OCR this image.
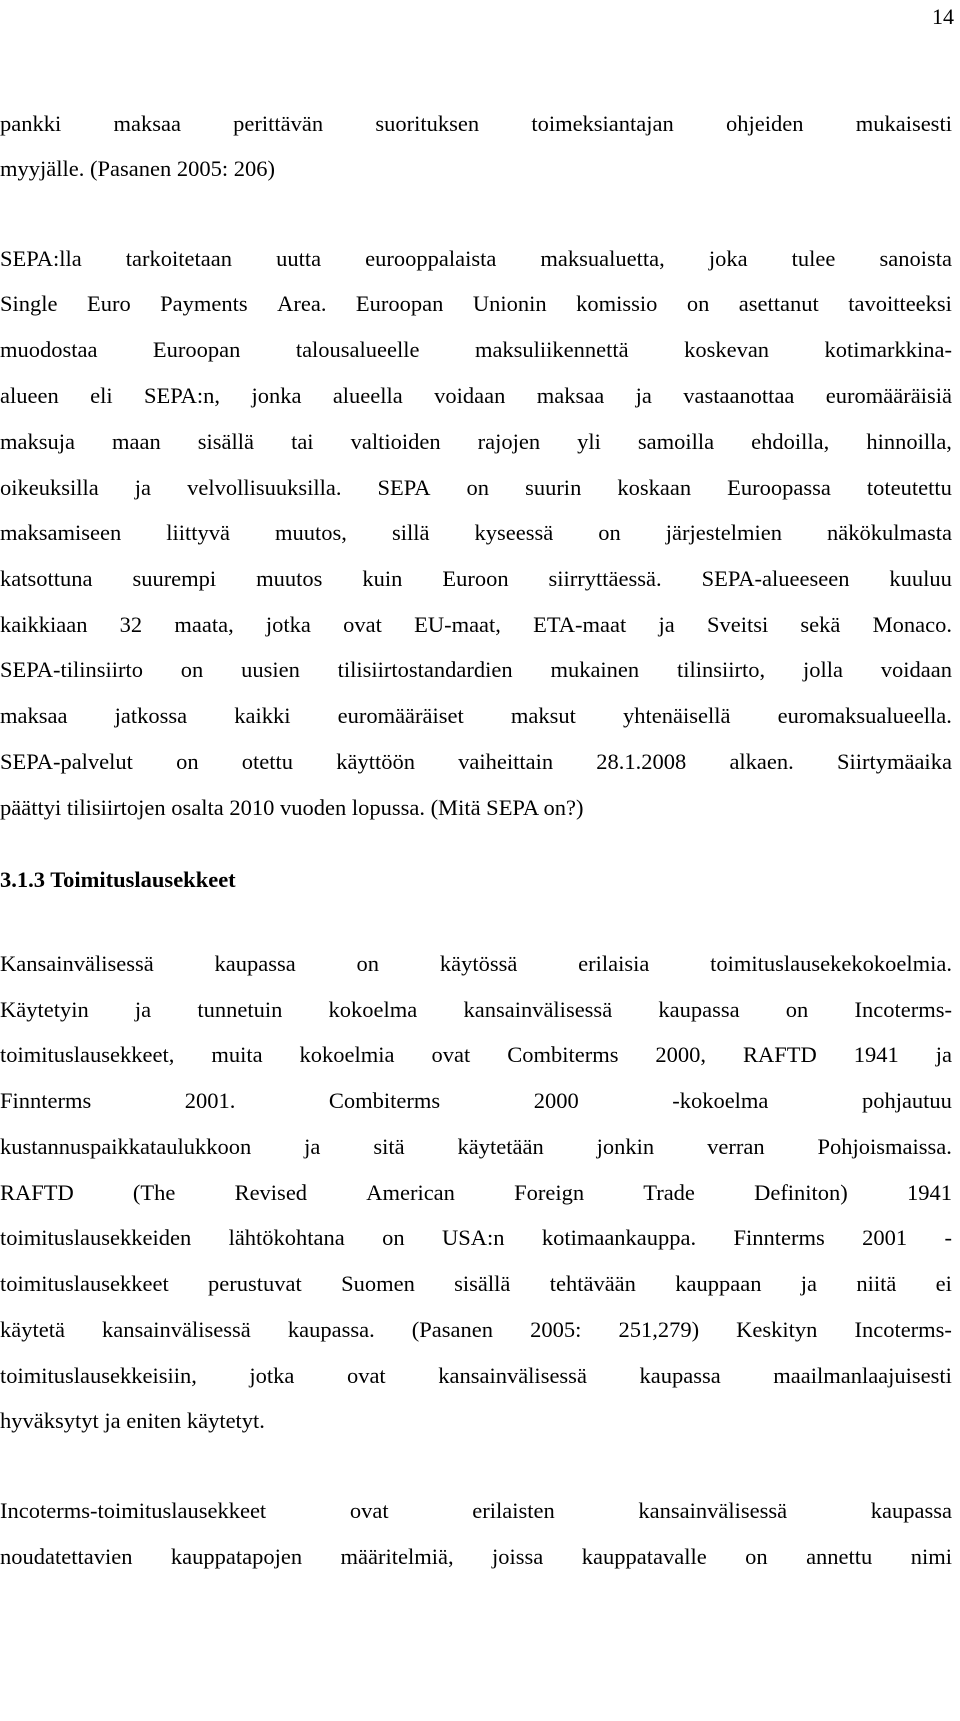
14
pankki maksaa perittävän suorituksen toimeksiantajan ohjeiden mukaisesti
myyjälle. (Pasanen 2005: 206)
SEPA:lla tarkoitetaan uutta eurooppalaista maksualuetta, joka tulee sanoista
Single Euro Payments Area. Euroopan Unionin komissio on asettanut tavoitteeksi
muodostaa Euroopan talousalueelle maksuliikennettä koskevan kotimarkkina-
alueen eli SEPA:n, jonka alueella voidaan maksaa ja vastaanottaa euromääräisiä
maksuja maan sisällä tai valtioiden rajojen yli samoilla ehdoilla, hinnoilla,
oikeuksilla ja velvollisuuksilla. SEPA on suurin koskaan Euroopassa toteutettu
maksamiseen liittyvä muutos, sillä kyseessä on järjestelmien näkökulmasta
katsottuna suurempi muutos kuin Euroon siirryttäessä. SEPA-alueeseen kuuluu
kaikkiaan 32 maata, jotka ovat EU-maat, ETA-maat ja Sveitsi sekä Monaco.
SEPA-tilinsiirto on uusien tilisiirtostandardien mukainen tilinsiirto, jolla voidaan
maksaa jatkossa kaikki euromääräiset maksut yhtenäisellä euromaksualueella.
SEPA-palvelut on otettu käyttöön vaiheittain 28.1.2008 alkaen. Siirtymäaika
päättyi tilisiirtojen osalta 2010 vuoden lopussa. (Mitä SEPA on?)
3.1.3 Toimituslausekkeet
Kansainvälisessä	kaupassa	on	käytössä	erilaisia	toimituslausekekokoelmia.
Käytetyin ja tunnetuin kokoelma kansainvälisessä kaupassa on Incoterms-
toimituslausekkeet, muita kokoelmia ovat Combiterms 2000, RAFTD 1941 ja
Finnterms	2001.	Combiterms	2000	-kokoelma	pohjautuu
kustannuspaikkataulukkoon ja sitä käytetään jonkin verran Pohjoismaissa.
RAFTD	(The	Revised	American	Foreign	Trade	Definiton)	1941
toimituslausekkeiden lähtökohtana on USA:n kotimaankauppa. Finnterms 2001 -
toimituslausekkeet perustuvat Suomen sisällä tehtävään kauppaan ja niitä ei
käytetä kansainvälisessä kaupassa. (Pasanen 2005: 251,279) Keskityn Incoterms-
toimituslausekkeisiin, jotka ovat kansainvälisessä kaupassa maailmanlaajuisesti
hyväksytyt ja eniten käytetyt.
Incoterms-toimituslausekkeet	ovat	erilaisten	kansainvälisessä	kaupassa
noudatettavien kauppatapojen määritelmiä, joissa kauppatavalle on annettu nimi
